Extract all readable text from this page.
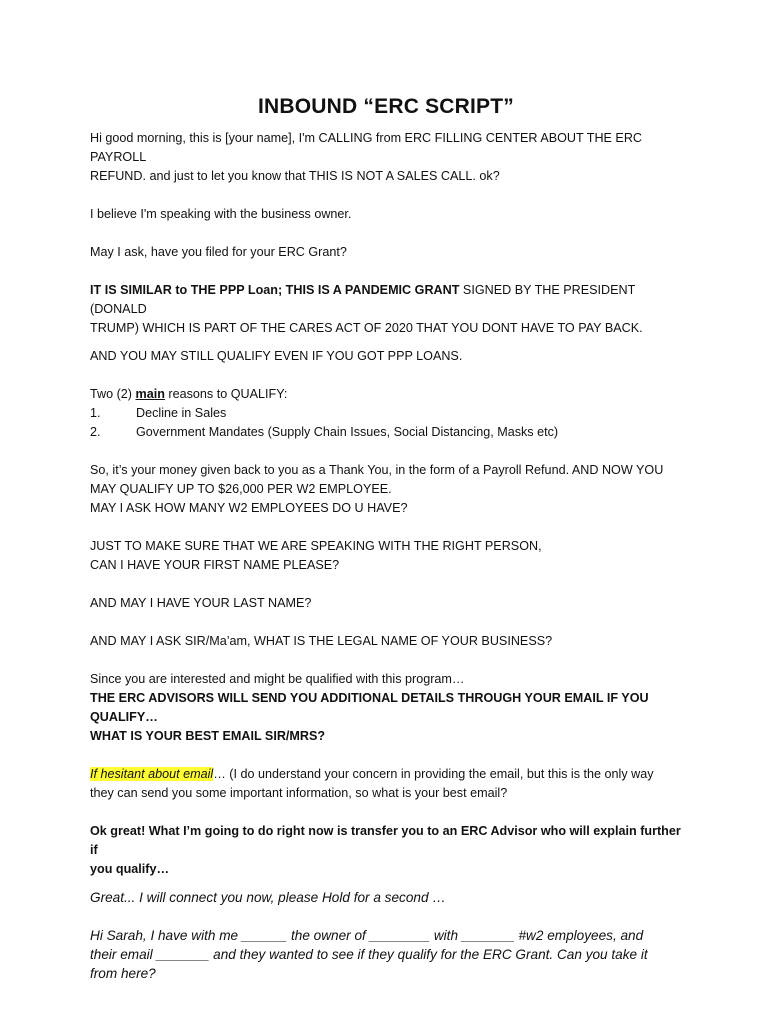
INBOUND “ERC SCRIPT”

Hi good morning, this is [your name], I'm CALLING from ERC FILLING CENTER ABOUT THE ERC PAYROLL
REFUND. and just to let you know that THIS IS NOT A SALES CALL. ok?

I believe I'm speaking with the business owner.

May I ask, have you filed for your ERC Grant?

IT IS SIMILAR to THE PPP Loan; THIS IS A PANDEMIC GRANT SIGNED BY THE PRESIDENT (DONALD
TRUMP) WHICH IS PART OF THE CARES ACT OF 2020 THAT YOU DONT HAVE TO PAY BACK.

AND YOU MAY STILL QUALIFY EVEN IF YOU GOT PPP LOANS.

Two (2) main reasons to QUALIFY:

1.	Decline in Sales
2.	Government Mandates (Supply Chain Issues, Social Distancing, Masks etc)

So, it’s your money given back to you as a Thank You, in the form of a Payroll Refund. AND NOW YOU
MAY QUALIFY UP TO $26,000 PER W2 EMPLOYEE.
MAY I ASK HOW MANY W2 EMPLOYEES DO U HAVE?

JUST TO MAKE SURE THAT WE ARE SPEAKING WITH THE RIGHT PERSON,
CAN I HAVE YOUR FIRST NAME PLEASE?

AND MAY I HAVE YOUR LAST NAME?

AND MAY I ASK SIR/Ma’am, WHAT IS THE LEGAL NAME OF YOUR BUSINESS?

Since you are interested and might be qualified with this program…
THE ERC ADVISORS WILL SEND YOU ADDITIONAL DETAILS THROUGH YOUR EMAIL IF YOU QUALIFY…
WHAT IS YOUR BEST EMAIL SIR/MRS?

If hesitant about email… (I do understand your concern in providing the email, but this is the only way
they can send you some important information, so what is your best email?

Ok great! What I’m going to do right now is transfer you to an ERC Advisor who will explain further if
you qualify…

Great... I will connect you now, please Hold for a second …

Hi Sarah, I have with me ______ the owner of ________ with _______ #w2 employees, and
their email _______ and they wanted to see if they qualify for the ERC Grant. Can you take it
from here?
